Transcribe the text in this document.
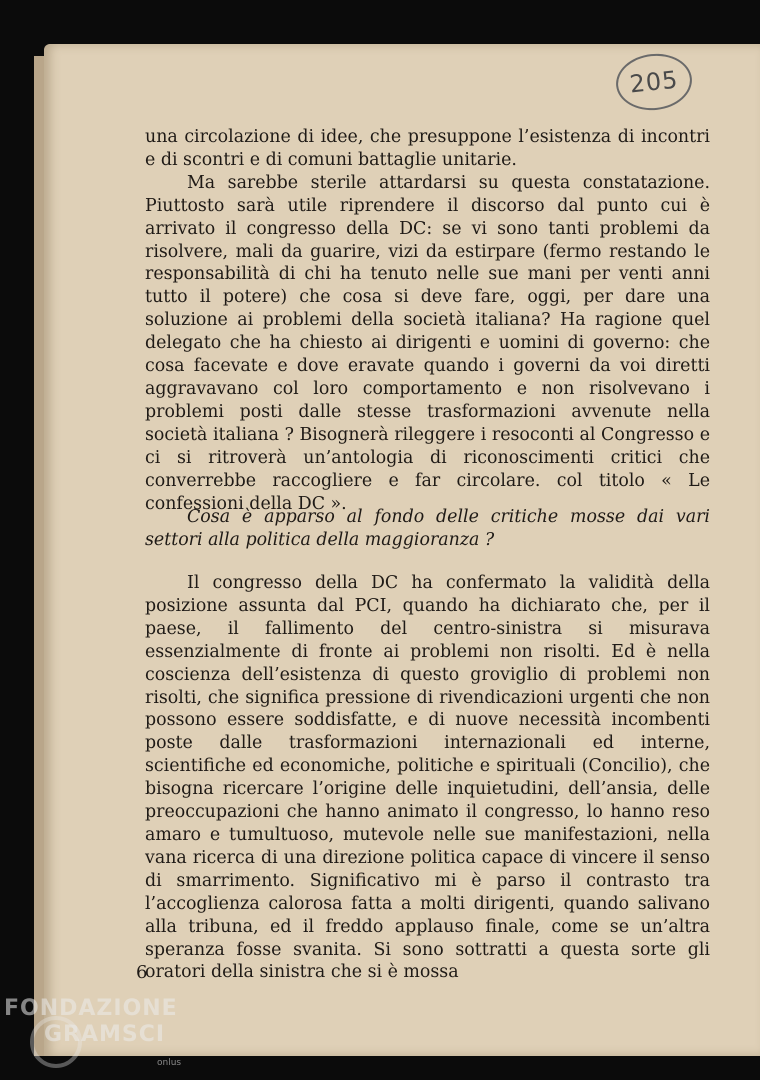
205

una circolazione di idee, che presuppone l’esistenza di incontri e di scontri e di comuni battaglie unitarie.

Ma sarebbe sterile attardarsi su questa constatazione. Piuttosto sarà utile riprendere il discorso dal punto cui è arrivato il congresso della DC: se vi sono tanti problemi da risolvere, mali da guarire, vizi da estirpare (fermo restando le responsabilità di chi ha tenuto nelle sue mani per venti anni tutto il potere) che cosa si deve fare, oggi, per dare una soluzione ai problemi della società italiana? Ha ragione quel delegato che ha chiesto ai dirigenti e uomini di governo: che cosa facevate e dove eravate quando i governi da voi diretti aggravavano col loro comportamento e non risolvevano i problemi posti dalle stesse trasformazioni avvenute nella società italiana ? Bisognerà rileggere i resoconti al Congresso e ci si ritroverà un’antologia di riconoscimenti critici che converrebbe raccogliere e far circolare. col titolo « Le confessioni della DC ».

Cosa è apparso al fondo delle critiche mosse dai vari settori alla politica della maggioranza ?

Il congresso della DC ha confermato la validità della posizione assunta dal PCI, quando ha dichiarato che, per il paese, il fallimento del centro-sinistra si misurava essenzialmente di fronte ai problemi non risolti. Ed è nella coscienza dell’esistenza di questo groviglio di problemi non risolti, che significa pressione di rivendicazioni urgenti che non possono essere soddisfatte, e di nuove necessità incombenti poste dalle trasformazioni internazionali ed interne, scientifiche ed economiche, politiche e spirituali (Concilio), che bisogna ricercare l’origine delle inquietudini, dell’ansia, delle preoccupazioni che hanno animato il congresso, lo hanno reso amaro e tumultuoso, mutevole nelle sue manifestazioni, nella vana ricerca di una direzione politica capace di vincere il senso di smarrimento. Significativo mi è parso il contrasto tra l’accoglienza calorosa fatta a molti dirigenti, quando salivano alla tribuna, ed il freddo applauso finale, come se un’altra speranza fosse svanita. Si sono sottratti a questa sorte gli oratori della sinistra che si è mossa

6
FONDAZIONE
GRAMSCI
onlus
